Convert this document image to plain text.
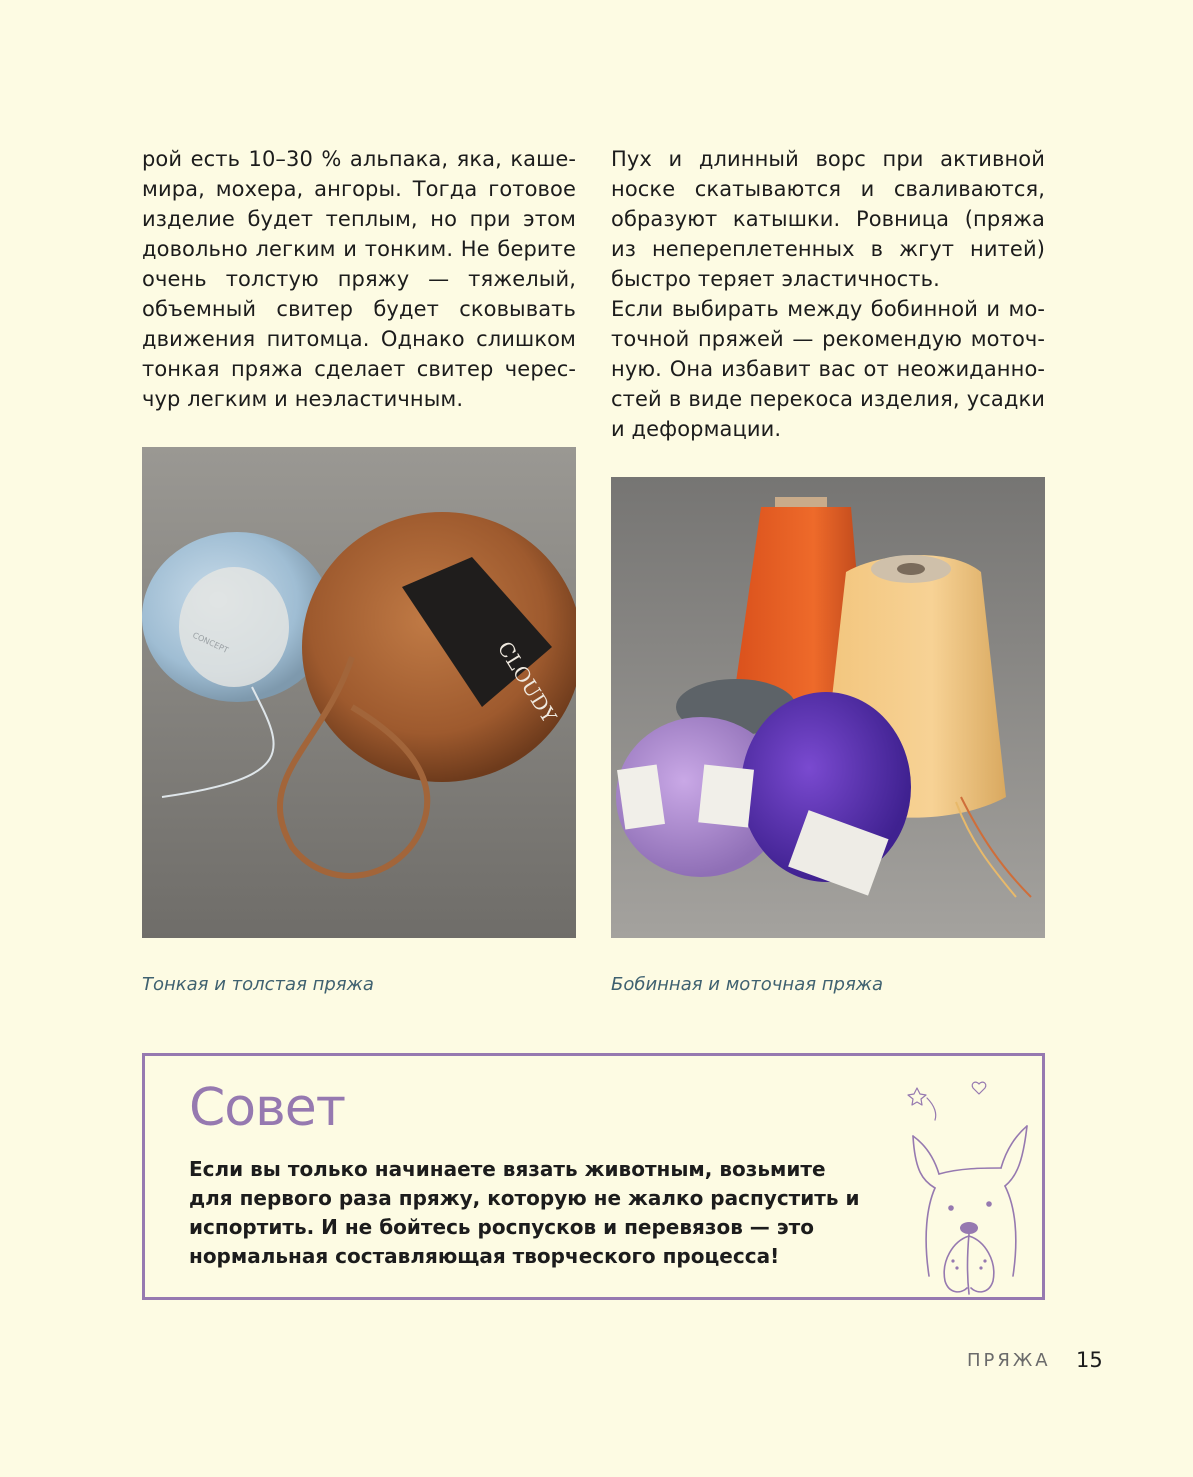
рой есть 10–30 % альпака, яка, кашемира, мохера, ангоры. Тогда готовое изделие будет теплым, но при этом довольно легким и тонким. Не берите очень толстую пряжу — тяжелый, объемный свитер будет сковывать движения питомца. Однако слишком тонкая пряжа сделает свитер чересчур легким и неэластичным.

Пух и длинный ворс при активной носке скатываются и сваливаются, образуют катышки. Ровница (пряжа из непереплетенных в жгут нитей) быстро теряет эластичность.

Если выбирать между бобинной и моточной пряжей — рекомендую моточную. Она избавит вас от неожиданностей в виде перекоса изделия, усадки и деформации.

CLOUDY
CONCEPT

Тонкая и толстая пряжа	Бобинная и моточная пряжа

Совет

Если вы только начинаете вязать животным, возьмите для первого раза пряжу, которую не жалко распустить и испортить. И не бойтесь роспусков и перевязов — это нормальная составляющая творческого процесса!

ПРЯЖА 15
